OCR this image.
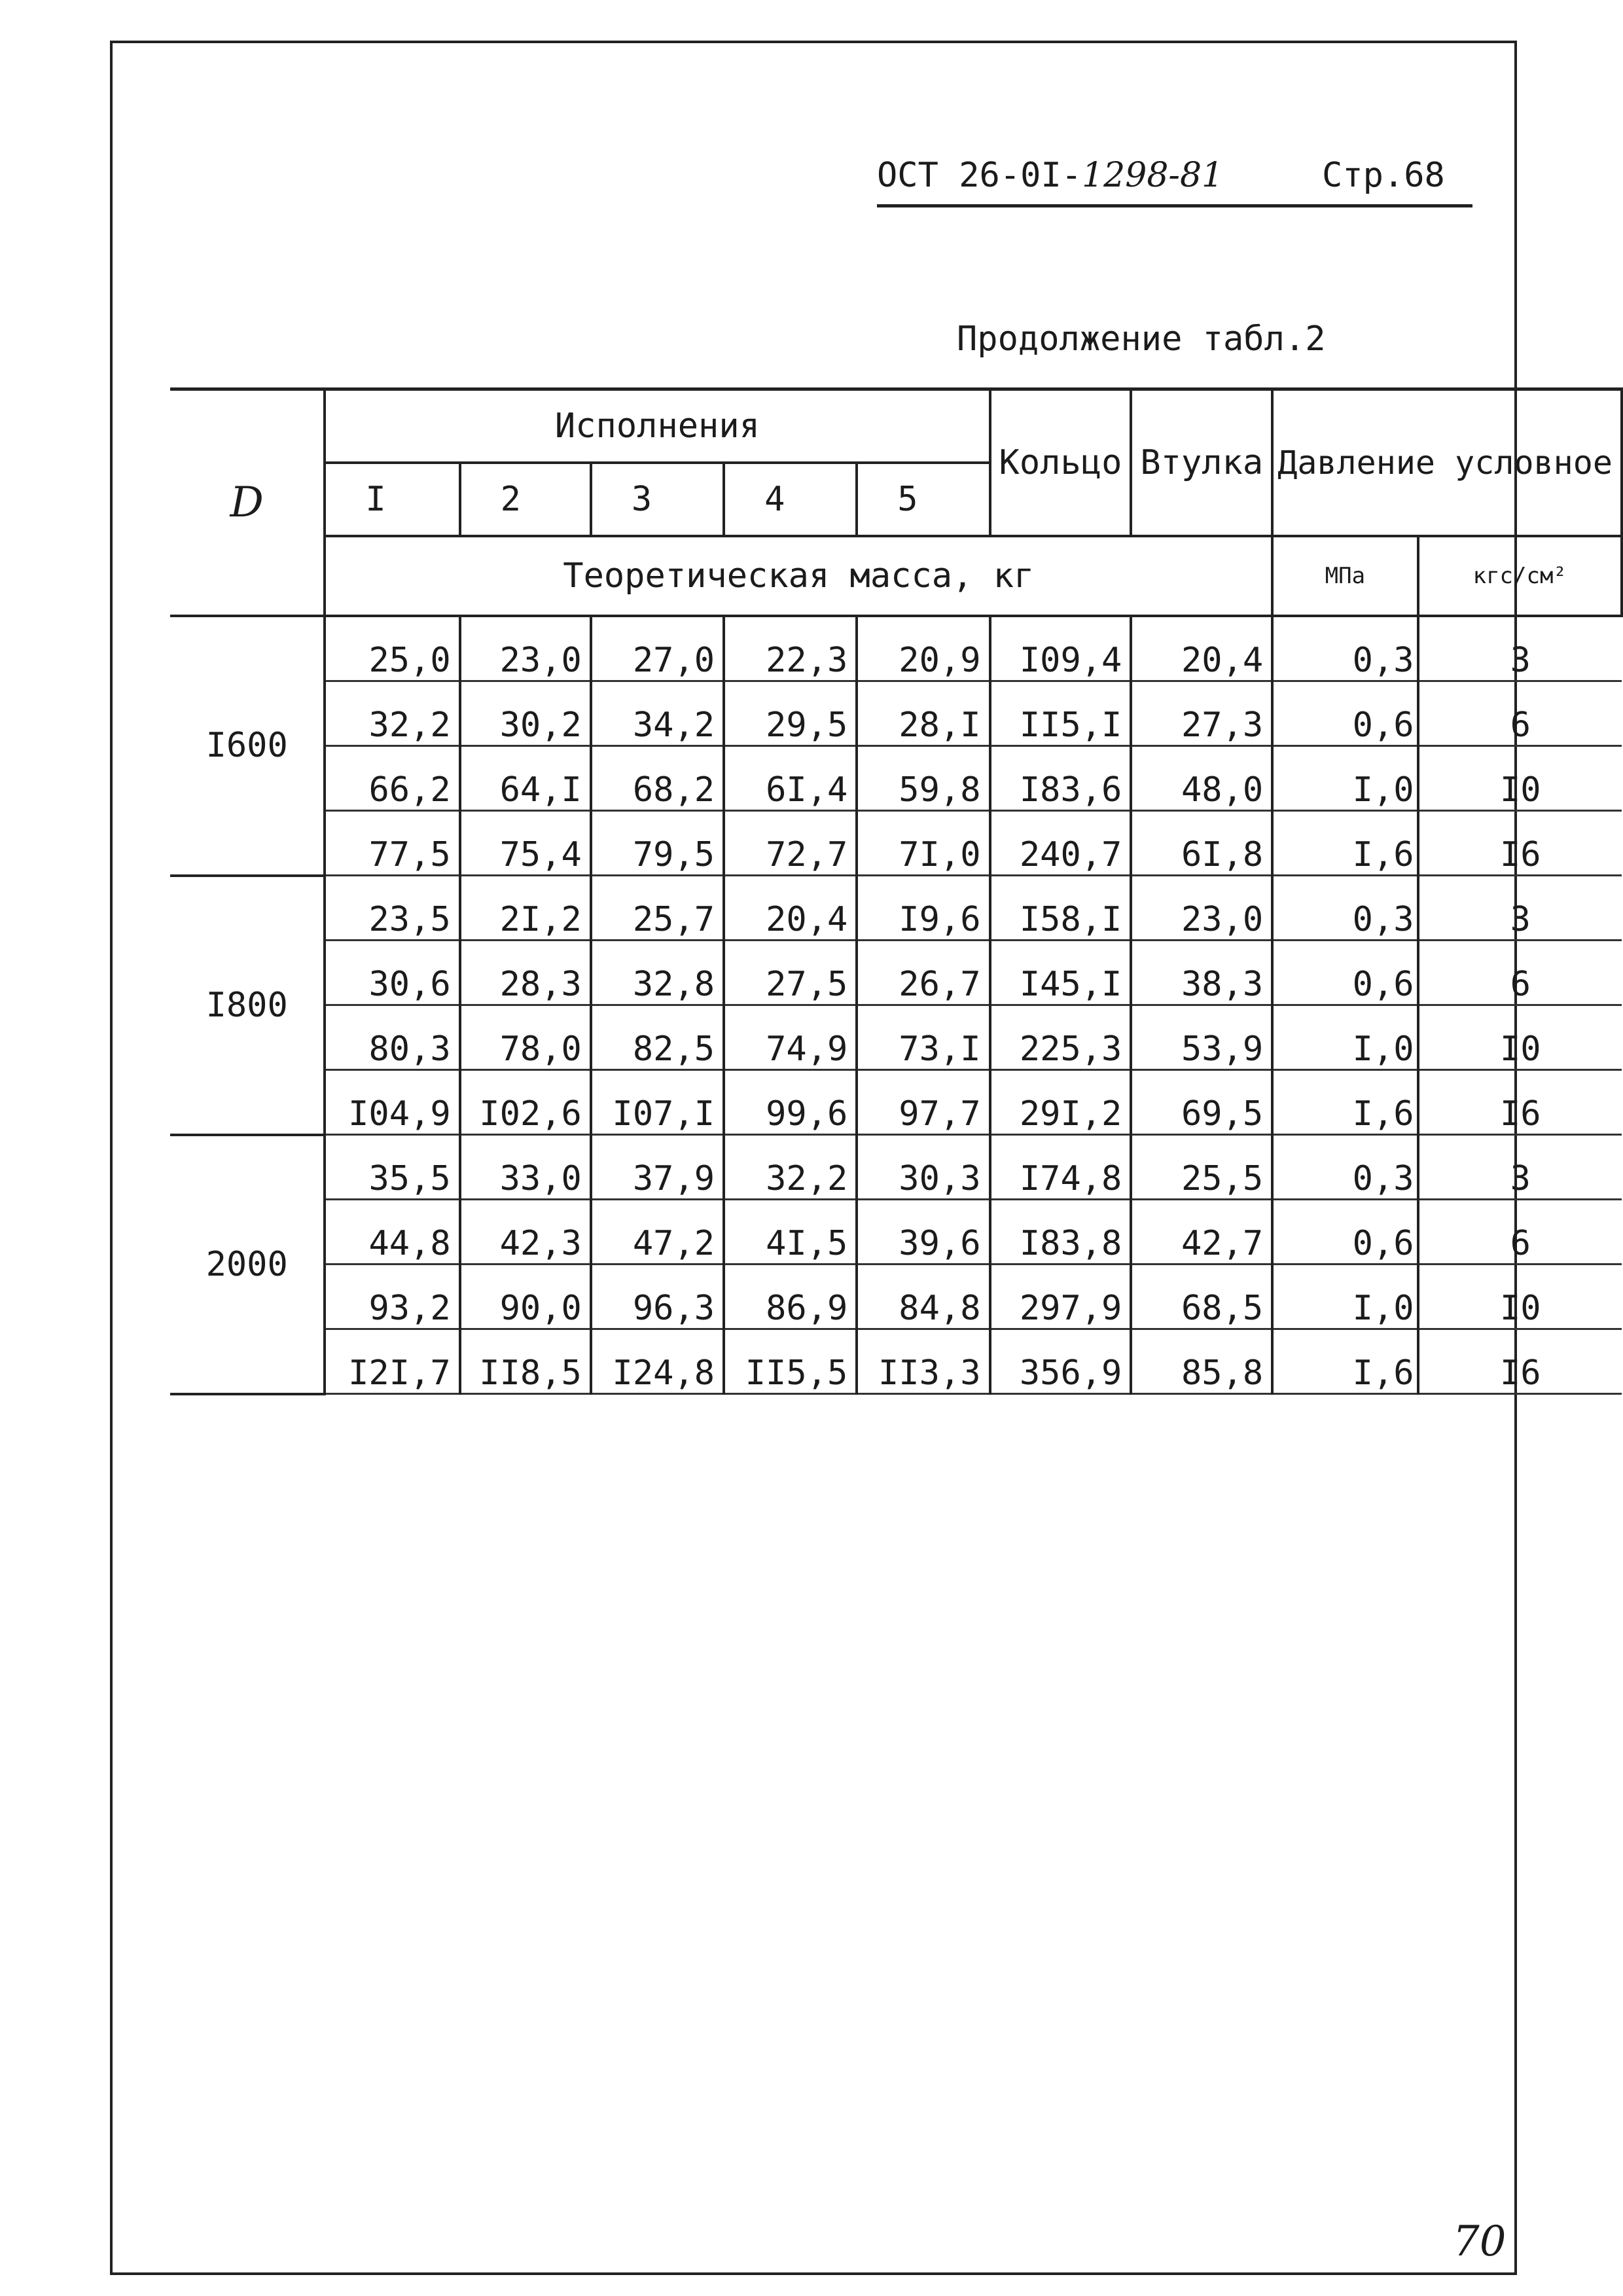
ОСТ 26-0I-1298-81	Стр.68
Продолжение табл.2
D	Исполнения					Кольцо	Втулка	Давление условное	
	I	2	3	4	5				
	Теоретическая масса, кг							МПа	кгс/см²
I600	25,0	23,0	27,0	22,3	20,9	I09,4	20,4	0,3	3
	32,2	30,2	34,2	29,5	28,I	II5,I	27,3	0,6	6
	66,2	64,I	68,2	6I,4	59,8	I83,6	48,0	I,0	I0
	77,5	75,4	79,5	72,7	7I,0	240,7	6I,8	I,6	I6
I800	23,5	2I,2	25,7	20,4	I9,6	I58,I	23,0	0,3	3
	30,6	28,3	32,8	27,5	26,7	I45,I	38,3	0,6	6
	80,3	78,0	82,5	74,9	73,I	225,3	53,9	I,0	I0
	I04,9	I02,6	I07,I	99,6	97,7	29I,2	69,5	I,6	I6
2000	35,5	33,0	37,9	32,2	30,3	I74,8	25,5	0,3	3
	44,8	42,3	47,2	4I,5	39,6	I83,8	42,7	0,6	6
	93,2	90,0	96,3	86,9	84,8	297,9	68,5	I,0	I0
	I2I,7	II8,5	I24,8	II5,5	II3,3	356,9	85,8	I,6	I6
70
